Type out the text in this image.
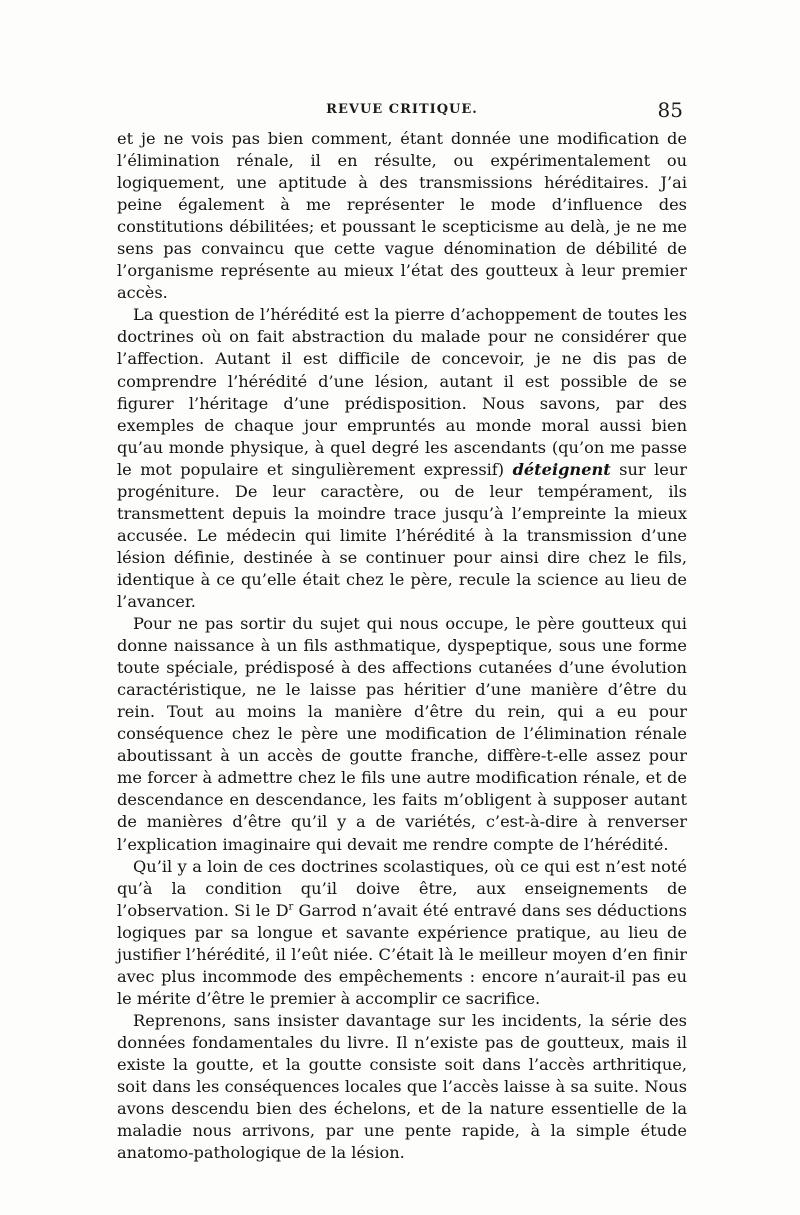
REVUE CRITIQUE.	85

et je ne vois pas bien comment, étant donnée une modification de l’élimination rénale, il en résulte, ou expérimentalement ou logiquement, une aptitude à des transmissions héréditaires. J’ai peine également à me représenter le mode d’influence des constitutions débilitées; et poussant le scepticisme au delà, je ne me sens pas convaincu que cette vague dénomination de débilité de l’organisme représente au mieux l’état des goutteux à leur premier accès.

La question de l’hérédité est la pierre d’achoppement de toutes les doctrines où on fait abstraction du malade pour ne considérer que l’affection. Autant il est difficile de concevoir, je ne dis pas de comprendre l’hérédité d’une lésion, autant il est possible de se figurer l’héritage d’une prédisposition. Nous savons, par des exemples de chaque jour empruntés au monde moral aussi bien qu’au monde physique, à quel degré les ascendants (qu’on me passe le mot populaire et singulièrement expressif) déteignent sur leur progéniture. De leur caractère, ou de leur tempérament, ils transmettent depuis la moindre trace jusqu’à l’empreinte la mieux accusée. Le médecin qui limite l’hérédité à la transmission d’une lésion définie, destinée à se continuer pour ainsi dire chez le fils, identique à ce qu’elle était chez le père, recule la science au lieu de l’avancer.

Pour ne pas sortir du sujet qui nous occupe, le père goutteux qui donne naissance à un fils asthmatique, dyspeptique, sous une forme toute spéciale, prédisposé à des affections cutanées d’une évolution caractéristique, ne le laisse pas héritier d’une manière d’être du rein. Tout au moins la manière d’être du rein, qui a eu pour conséquence chez le père une modification de l’élimination rénale aboutissant à un accès de goutte franche, diffère-t-elle assez pour me forcer à admettre chez le fils une autre modification rénale, et de descendance en descendance, les faits m’obligent à supposer autant de manières d’être qu’il y a de variétés, c’est-à-dire à renverser l’explication imaginaire qui devait me rendre compte de l’hérédité.

Qu’il y a loin de ces doctrines scolastiques, où ce qui est n’est noté qu’à la condition qu’il doive être, aux enseignements de l’observation. Si le $D^r$ Garrod n’avait été entravé dans ses déductions logiques par sa longue et savante expérience pratique, au lieu de justifier l’hérédité, il l’eût niée. C’était là le meilleur moyen d’en finir avec plus incommode des empêchements : encore n’aurait-il pas eu le mérite d’être le premier à accomplir ce sacrifice.

Reprenons, sans insister davantage sur les incidents, la série des données fondamentales du livre. Il n’existe pas de goutteux, mais il existe la goutte, et la goutte consiste soit dans l’accès arthritique, soit dans les conséquences locales que l’accès laisse à sa suite. Nous avons descendu bien des échelons, et de la nature essentielle de la maladie nous arrivons, par une pente rapide, à la simple étude anatomo-pathologique de la lésion.
